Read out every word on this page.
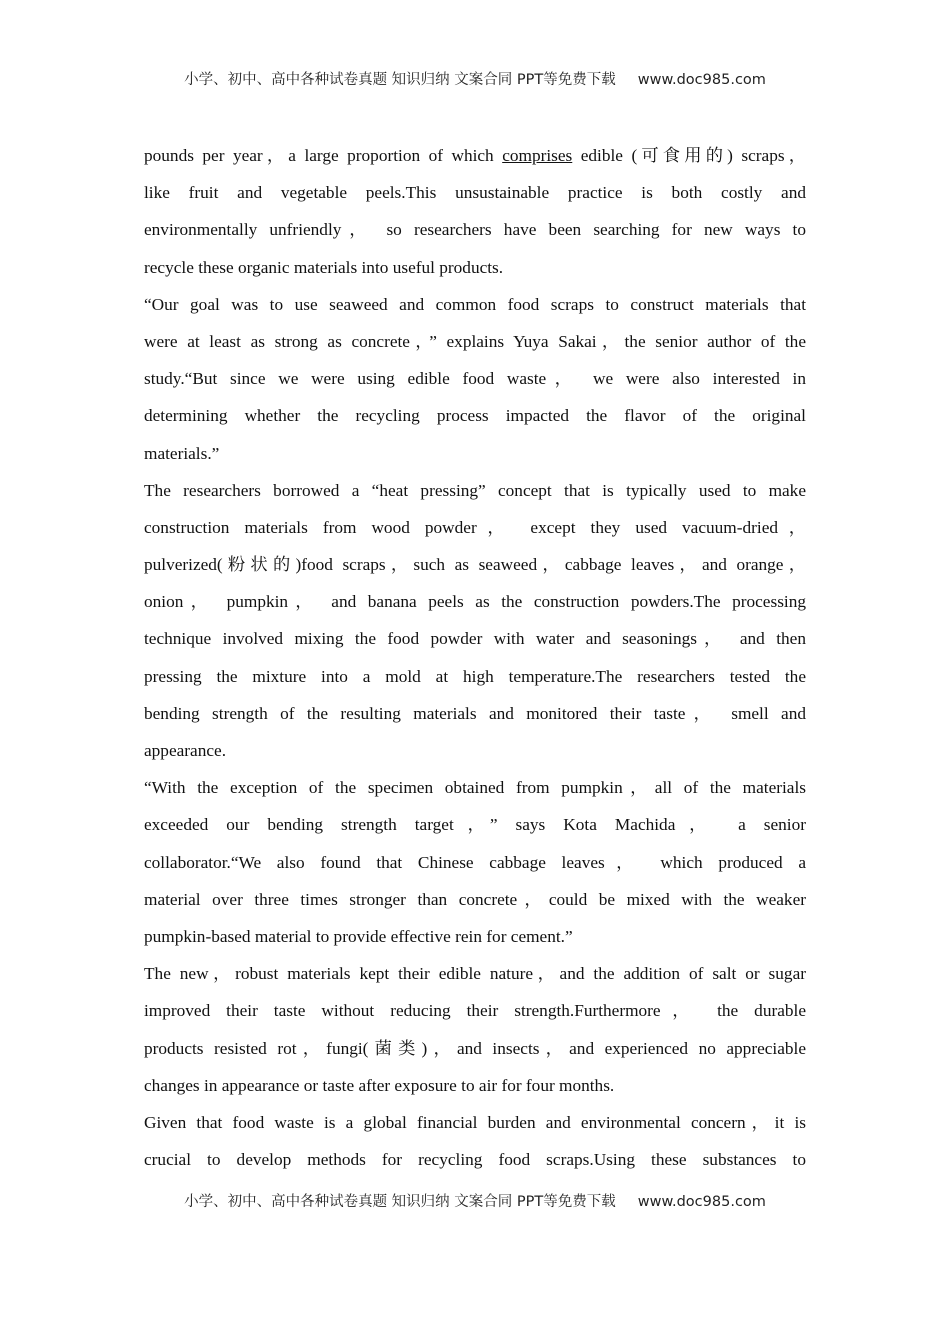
小学、初中、高中各种试卷真题 知识归纳 文案合同 PPT等免费下载 www.doc985.com
pounds per year，a large proportion of which comprises edible (可食用的) scraps，
like fruit and vegetable peels.This unsustainable practice is both costly and
environmentally unfriendly， so researchers have been searching for new ways to
recycle these organic materials into useful products.
“Our goal was to use seaweed and common food scraps to construct materials that
were at least as strong as concrete，” explains Yuya Sakai，the senior author of the
study.“But since we were using edible food waste， we were also interested in
determining whether the recycling process impacted the flavor of the original
materials.”
The researchers borrowed a “heat pressing” concept that is typically used to make
construction materials from wood powder， except they used vacuum-dried，
pulverized(粉状的)food scraps，such as seaweed，cabbage leaves，and orange，
onion， pumpkin， and banana peels as the construction powders.The processing
technique involved mixing the food powder with water and seasonings， and then
pressing the mixture into a mold at high temperature.The researchers tested the
bending strength of the resulting materials and monitored their taste， smell and
appearance.
“With the exception of the specimen obtained from pumpkin，all of the materials
exceeded our bending strength target，” says Kota Machida， a senior
collaborator.“We also found that Chinese cabbage leaves， which produced a
material over three times stronger than concrete，could be mixed with the weaker
pumpkin-based material to provide effective rein for cement.”
The new，robust materials kept their edible nature，and the addition of salt or sugar
improved their taste without reducing their strength.Furthermore， the durable
products resisted rot，fungi(菌类)，and insects，and experienced no appreciable
changes in appearance or taste after exposure to air for four months.
Given that food waste is a global financial burden and environmental concern，it is
crucial to develop methods for recycling food scraps.Using these substances to
小学、初中、高中各种试卷真题 知识归纳 文案合同 PPT等免费下载 www.doc985.com
